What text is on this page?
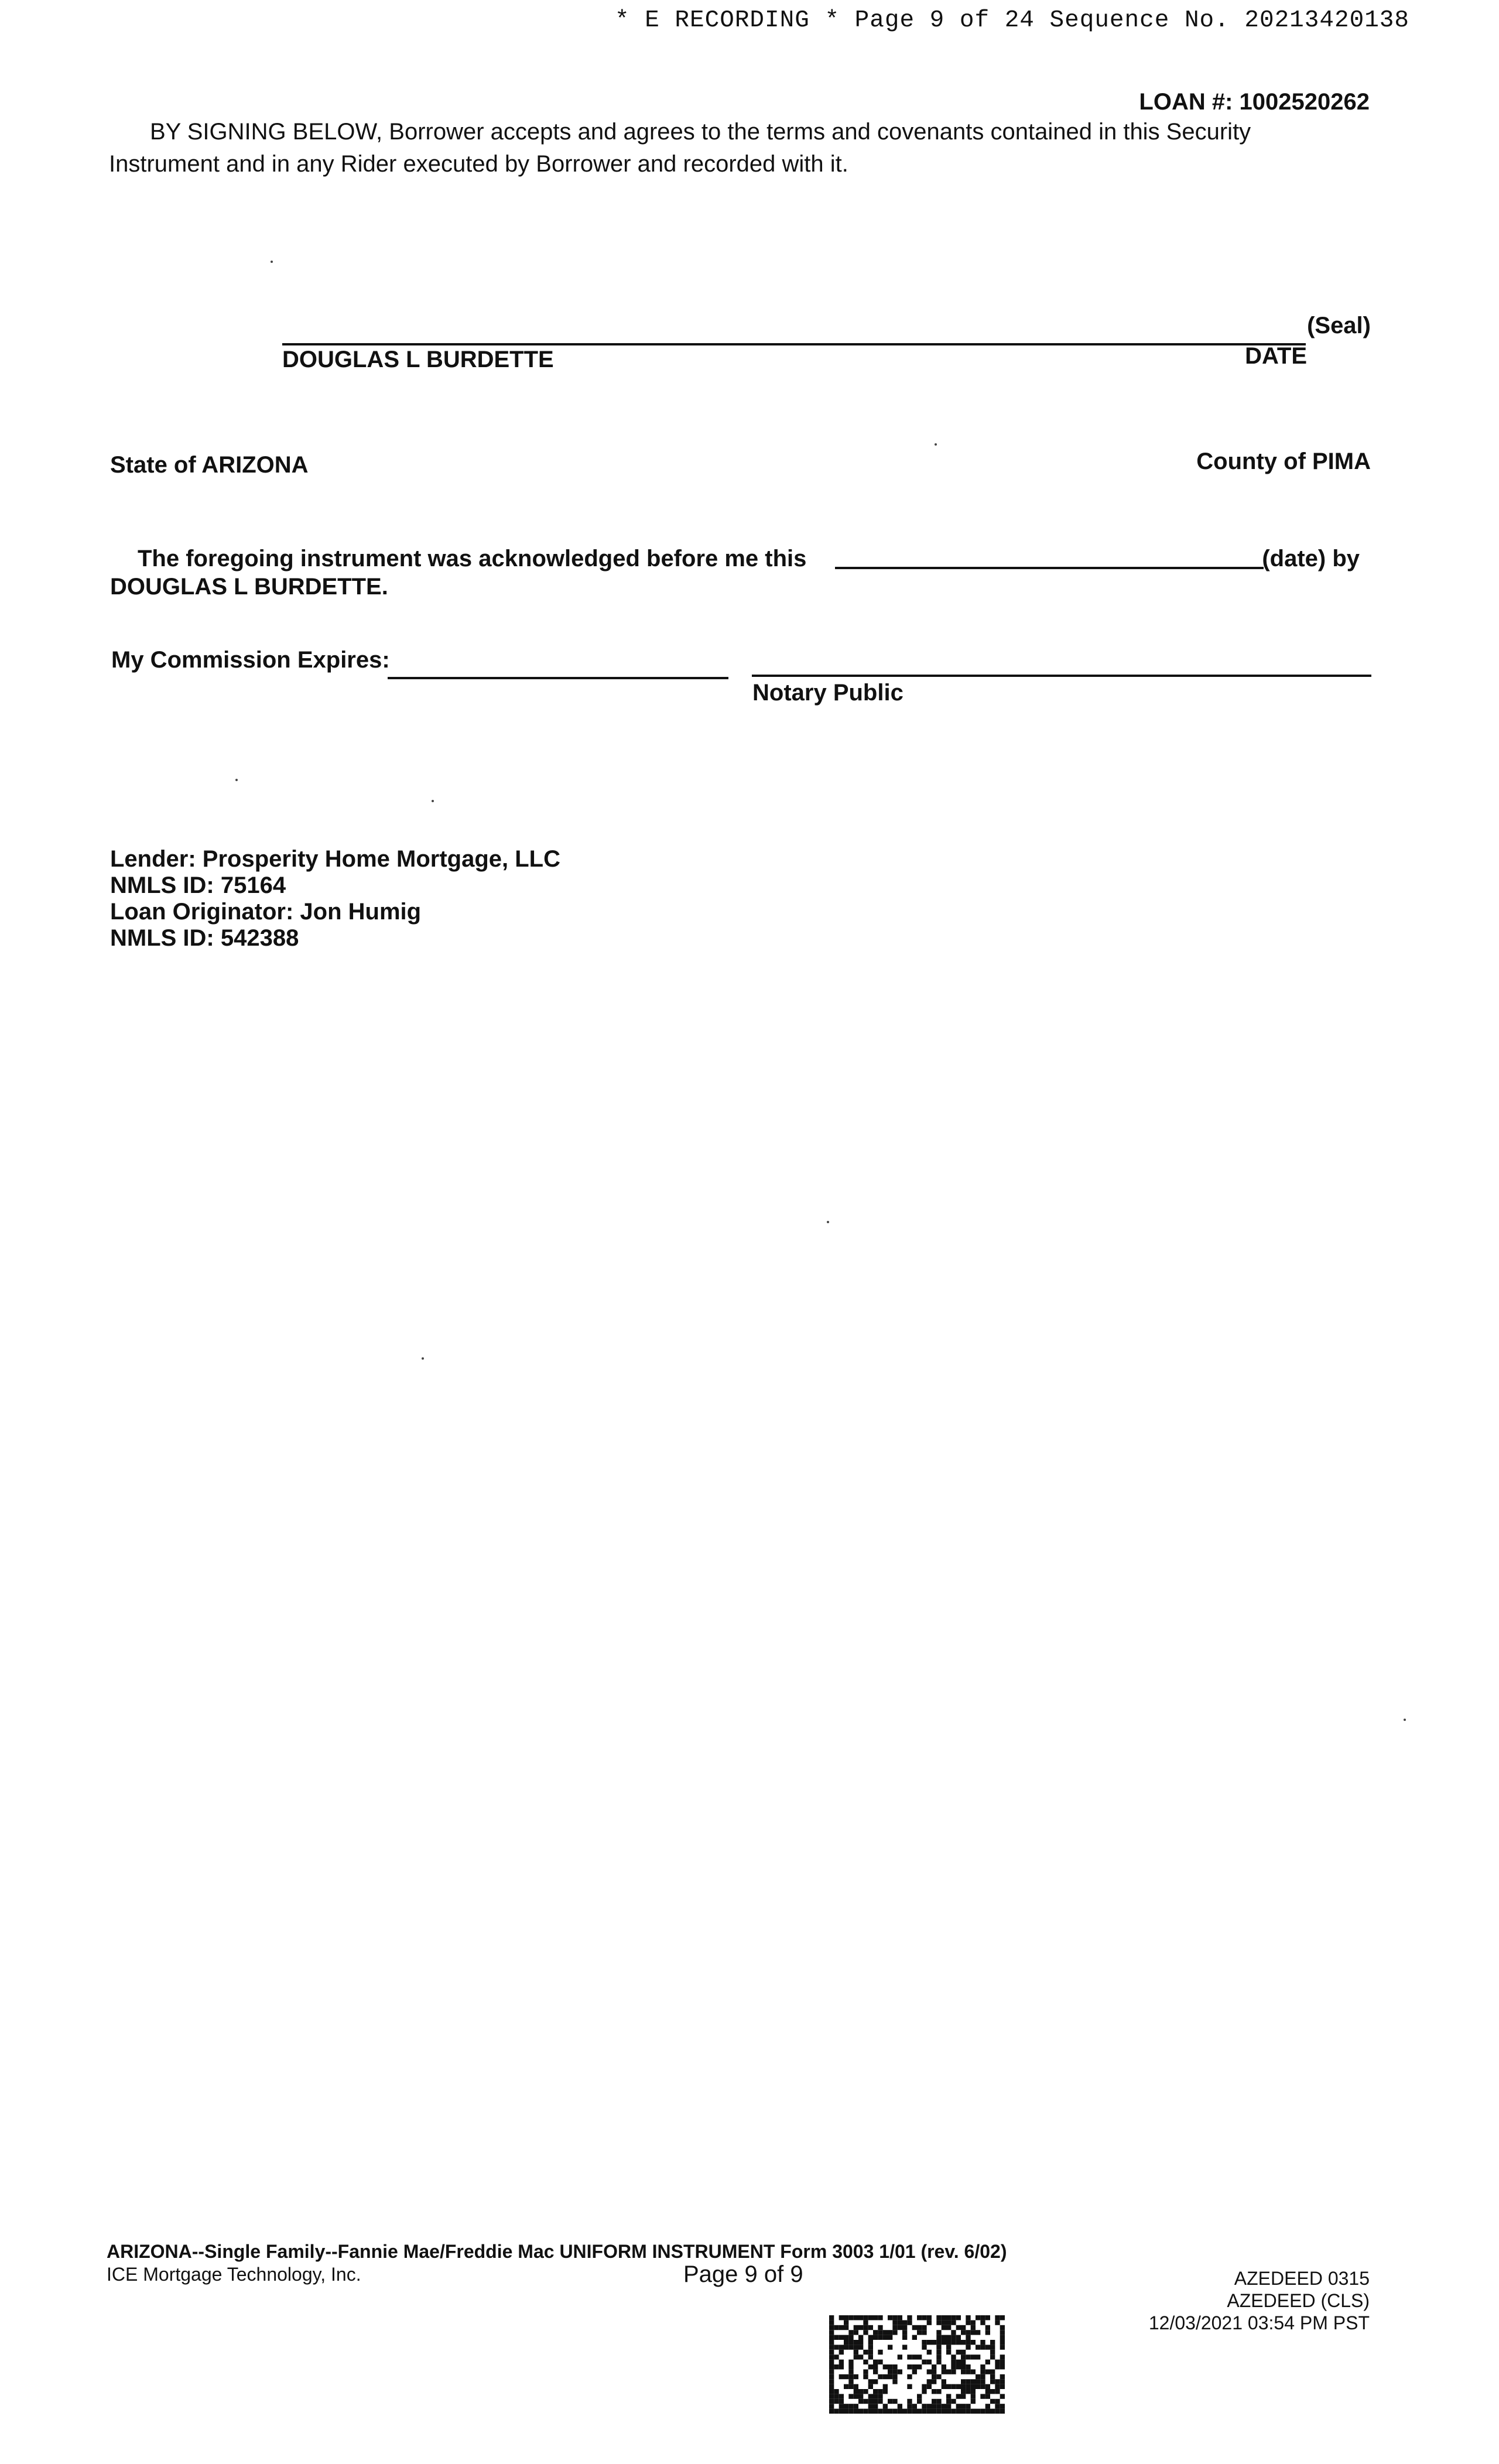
* E RECORDING * Page 9 of 24 Sequence No. 20213420138
LOAN #: 1002520262

BY SIGNING BELOW, Borrower accepts and agrees to the terms and covenants contained in this Security

Instrument and in any Rider executed by Borrower and recorded with it.

(Seal)
DOUGLAS L BURDETTE	DATE
State of ARIZONA	County of PIMA
The foregoing instrument was acknowledged before me this	(date) by
DOUGLAS L BURDETTE.
My Commission Expires:
Notary Public
Lender: Prosperity Home Mortgage, LLC
NMLS ID: 75164
Loan Originator: Jon Humig
NMLS ID: 542388
ARIZONA--Single Family--Fannie Mae/Freddie Mac UNIFORM INSTRUMENT Form 3003 1/01 (rev. 6/02)
ICE Mortgage Technology, Inc.	Page 9 of 9	AZEDEED 0315
AZEDEED (CLS)
12/03/2021 03:54 PM PST
